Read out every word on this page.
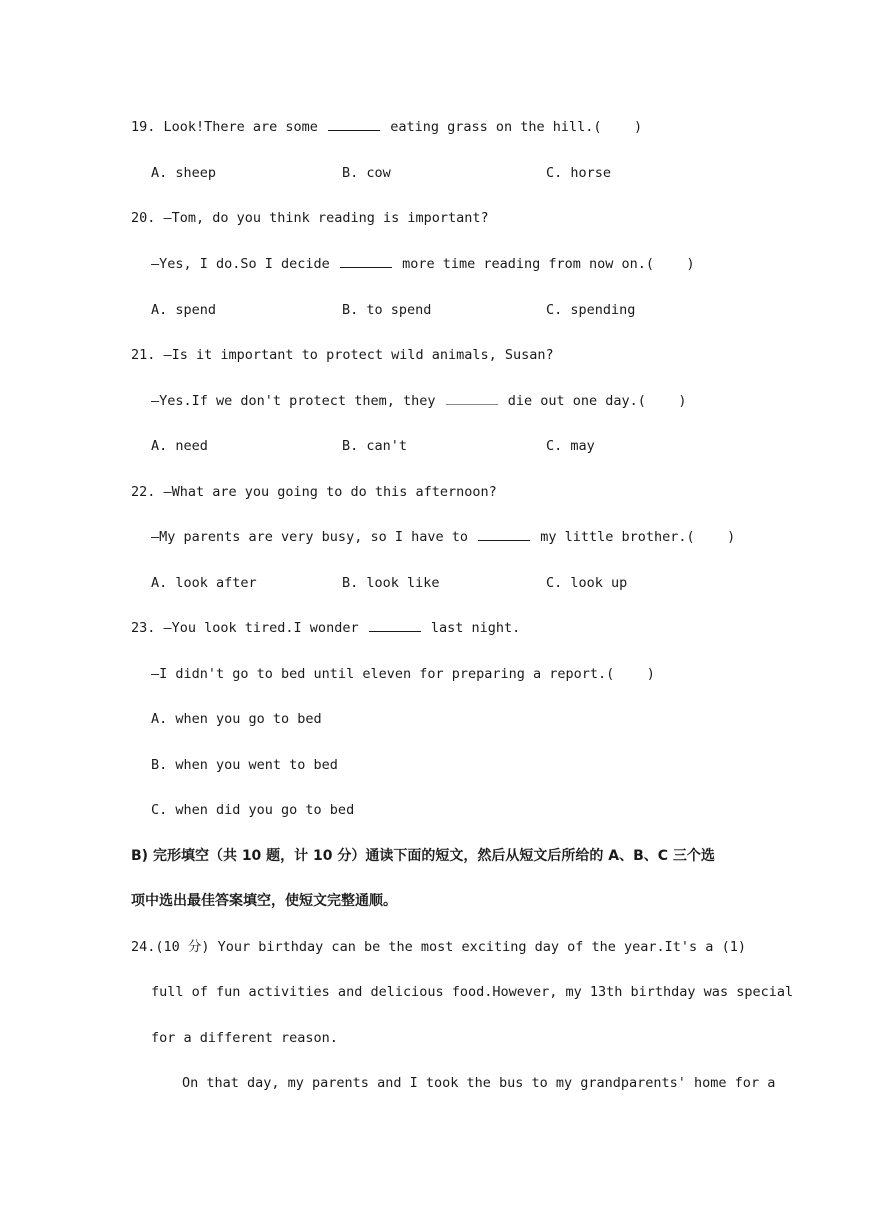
19. Look!There are some	eating grass on the hill.(    )
A. sheep	B. cow	C. horse
20. —Tom, do you think reading is important?
—Yes, I do.So I decide	more time reading from now on.(    )
A. spend	B. to spend	C. spending
21. —Is it important to protect wild animals, Susan?
—Yes.If we don't protect them, they	die out one day.(    )
A. need	B. can't	C. may
22. —What are you going to do this afternoon?
—My parents are very busy, so I have to	my little brother.(    )
A. look after	B. look like	C. look up
23. —You look tired.I wonder	last night.
—I didn't go to bed until eleven for preparing a report.(    )
A. when you go to bed
B. when you went to bed
C. when did you go to bed
B) 完形填空（共 10 题，计 10 分）通读下面的短文，然后从短文后所给的 A、B、C 三个选
项中选出最佳答案填空，使短文完整通顺。
24.(10 分) Your birthday can be the most exciting day of the year.It's a (1)
full of fun activities and delicious food.However, my 13th birthday was special
for a different reason.
On that day, my parents and I took the bus to my grandparents' home for a
